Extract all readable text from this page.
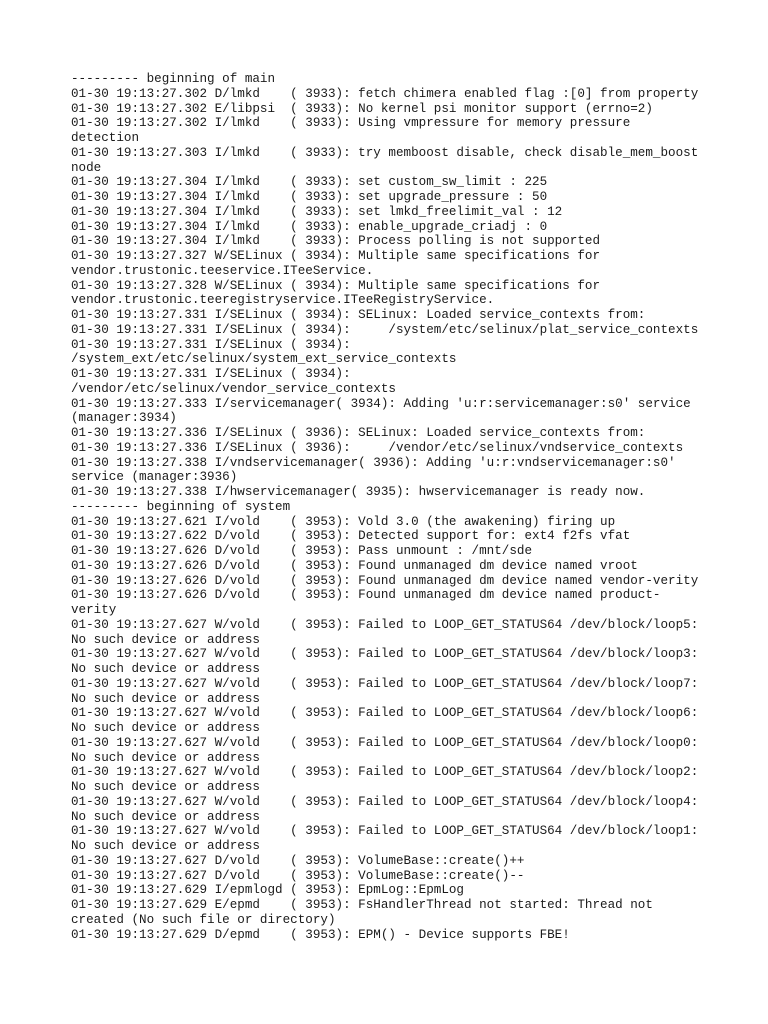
--------- beginning of main
01-30 19:13:27.302 D/lmkd    ( 3933): fetch chimera enabled flag :[0] from property
01-30 19:13:27.302 E/libpsi  ( 3933): No kernel psi monitor support (errno=2)
01-30 19:13:27.302 I/lmkd    ( 3933): Using vmpressure for memory pressure
detection
01-30 19:13:27.303 I/lmkd    ( 3933): try memboost disable, check disable_mem_boost
node
01-30 19:13:27.304 I/lmkd    ( 3933): set custom_sw_limit : 225
01-30 19:13:27.304 I/lmkd    ( 3933): set upgrade_pressure : 50
01-30 19:13:27.304 I/lmkd    ( 3933): set lmkd_freelimit_val : 12
01-30 19:13:27.304 I/lmkd    ( 3933): enable_upgrade_criadj : 0
01-30 19:13:27.304 I/lmkd    ( 3933): Process polling is not supported
01-30 19:13:27.327 W/SELinux ( 3934): Multiple same specifications for
vendor.trustonic.teeservice.ITeeService.
01-30 19:13:27.328 W/SELinux ( 3934): Multiple same specifications for
vendor.trustonic.teeregistryservice.ITeeRegistryService.
01-30 19:13:27.331 I/SELinux ( 3934): SELinux: Loaded service_contexts from:
01-30 19:13:27.331 I/SELinux ( 3934):     /system/etc/selinux/plat_service_contexts
01-30 19:13:27.331 I/SELinux ( 3934):
/system_ext/etc/selinux/system_ext_service_contexts
01-30 19:13:27.331 I/SELinux ( 3934):
/vendor/etc/selinux/vendor_service_contexts
01-30 19:13:27.333 I/servicemanager( 3934): Adding 'u:r:servicemanager:s0' service
(manager:3934)
01-30 19:13:27.336 I/SELinux ( 3936): SELinux: Loaded service_contexts from:
01-30 19:13:27.336 I/SELinux ( 3936):     /vendor/etc/selinux/vndservice_contexts
01-30 19:13:27.338 I/vndservicemanager( 3936): Adding 'u:r:vndservicemanager:s0'
service (manager:3936)
01-30 19:13:27.338 I/hwservicemanager( 3935): hwservicemanager is ready now.
--------- beginning of system
01-30 19:13:27.621 I/vold    ( 3953): Vold 3.0 (the awakening) firing up
01-30 19:13:27.622 D/vold    ( 3953): Detected support for: ext4 f2fs vfat
01-30 19:13:27.626 D/vold    ( 3953): Pass unmount : /mnt/sde
01-30 19:13:27.626 D/vold    ( 3953): Found unmanaged dm device named vroot
01-30 19:13:27.626 D/vold    ( 3953): Found unmanaged dm device named vendor-verity
01-30 19:13:27.626 D/vold    ( 3953): Found unmanaged dm device named product-
verity
01-30 19:13:27.627 W/vold    ( 3953): Failed to LOOP_GET_STATUS64 /dev/block/loop5:
No such device or address
01-30 19:13:27.627 W/vold    ( 3953): Failed to LOOP_GET_STATUS64 /dev/block/loop3:
No such device or address
01-30 19:13:27.627 W/vold    ( 3953): Failed to LOOP_GET_STATUS64 /dev/block/loop7:
No such device or address
01-30 19:13:27.627 W/vold    ( 3953): Failed to LOOP_GET_STATUS64 /dev/block/loop6:
No such device or address
01-30 19:13:27.627 W/vold    ( 3953): Failed to LOOP_GET_STATUS64 /dev/block/loop0:
No such device or address
01-30 19:13:27.627 W/vold    ( 3953): Failed to LOOP_GET_STATUS64 /dev/block/loop2:
No such device or address
01-30 19:13:27.627 W/vold    ( 3953): Failed to LOOP_GET_STATUS64 /dev/block/loop4:
No such device or address
01-30 19:13:27.627 W/vold    ( 3953): Failed to LOOP_GET_STATUS64 /dev/block/loop1:
No such device or address
01-30 19:13:27.627 D/vold    ( 3953): VolumeBase::create()++
01-30 19:13:27.627 D/vold    ( 3953): VolumeBase::create()--
01-30 19:13:27.629 I/epmlogd ( 3953): EpmLog::EpmLog
01-30 19:13:27.629 E/epmd    ( 3953): FsHandlerThread not started: Thread not
created (No such file or directory)
01-30 19:13:27.629 D/epmd    ( 3953): EPM() - Device supports FBE!
